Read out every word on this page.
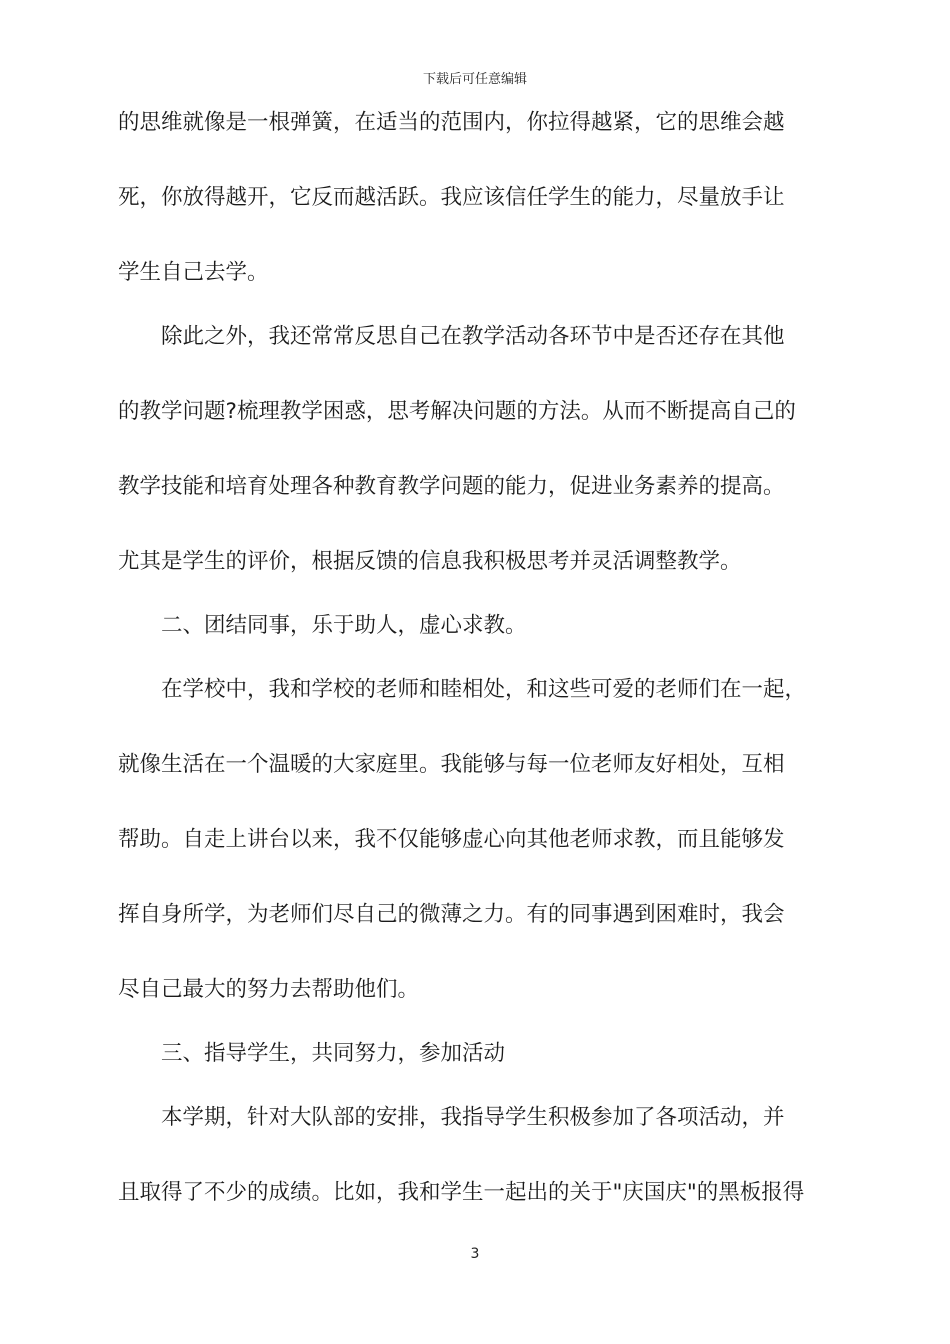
下载后可任意编辑
的思维就像是一根弹簧，在适当的范围内，你拉得越紧，它的思维会越
死，你放得越开，它反而越活跃。我应该信任学生的能力，尽量放手让
学生自己去学。
　　除此之外，我还常常反思自己在教学活动各环节中是否还存在其他
的教学问题?梳理教学困惑，思考解决问题的方法。从而不断提高自己的
教学技能和培育处理各种教育教学问题的能力，促进业务素养的提高。
尤其是学生的评价，根据反馈的信息我积极思考并灵活调整教学。
　　二、团结同事，乐于助人，虚心求教。
　　在学校中，我和学校的老师和睦相处，和这些可爱的老师们在一起，
就像生活在一个温暖的大家庭里。我能够与每一位老师友好相处，互相
帮助。自走上讲台以来，我不仅能够虚心向其他老师求教，而且能够发
挥自身所学，为老师们尽自己的微薄之力。有的同事遇到困难时，我会
尽自己最大的努力去帮助他们。
　　三、指导学生，共同努力，参加活动
　　本学期，针对大队部的安排，我指导学生积极参加了各项活动，并
且取得了不少的成绩。比如，我和学生一起出的关于"庆国庆"的黑板报得
3
